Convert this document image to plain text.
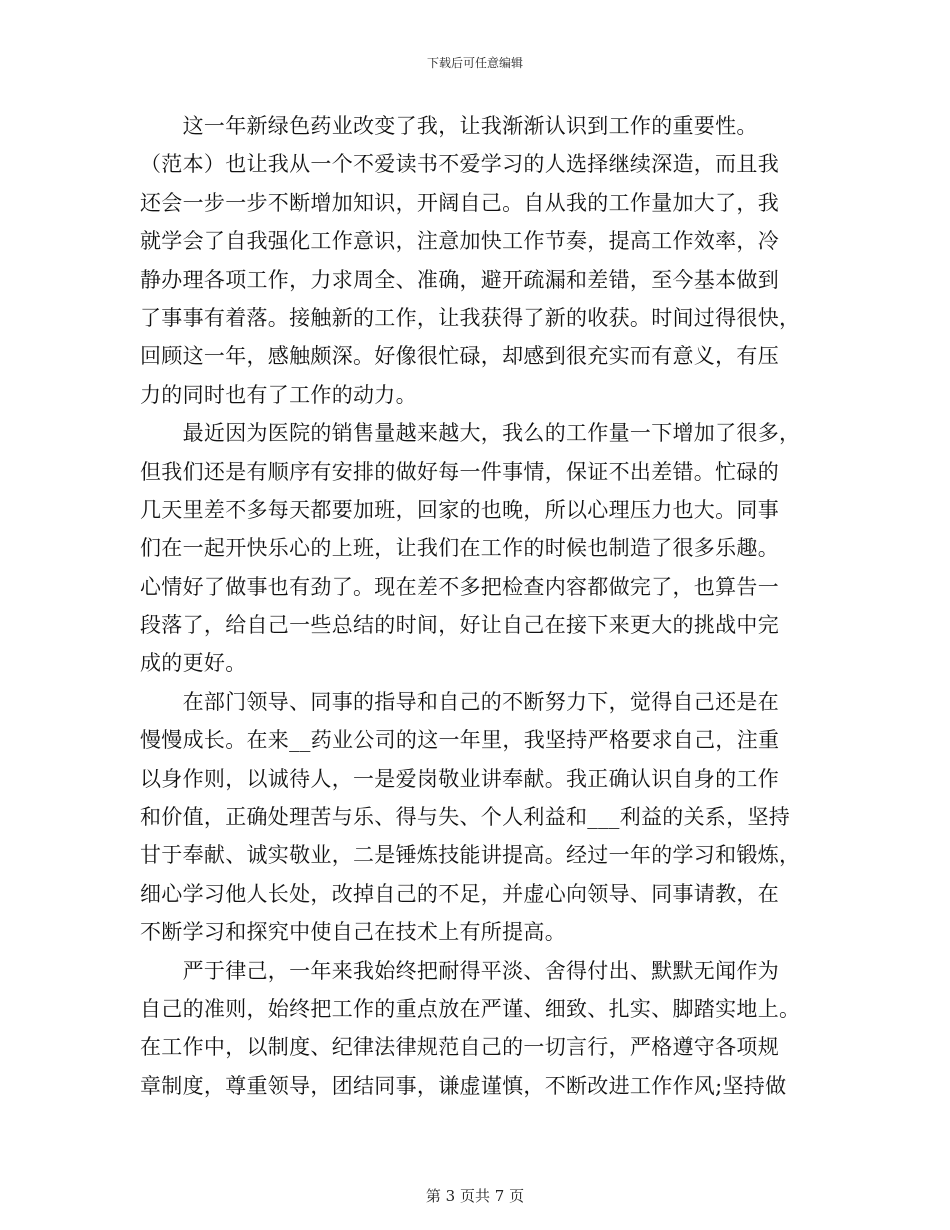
下载后可任意编辑
　　这一年新绿色药业改变了我，让我渐渐认识到工作的重要性。
（范本）也让我从一个不爱读书不爱学习的人选择继续深造，而且我
还会一步一步不断增加知识，开阔自己。自从我的工作量加大了，我
就学会了自我强化工作意识，注意加快工作节奏，提高工作效率，冷
静办理各项工作，力求周全、准确，避开疏漏和差错，至今基本做到
了事事有着落。接触新的工作，让我获得了新的收获。时间过得很快，
回顾这一年，感触颇深。好像很忙碌，却感到很充实而有意义，有压
力的同时也有了工作的动力。
　　最近因为医院的销售量越来越大，我么的工作量一下增加了很多，
但我们还是有顺序有安排的做好每一件事情，保证不出差错。忙碌的
几天里差不多每天都要加班，回家的也晚，所以心理压力也大。同事
们在一起开快乐心的上班，让我们在工作的时候也制造了很多乐趣。
心情好了做事也有劲了。现在差不多把检查内容都做完了，也算告一
段落了，给自己一些总结的时间，好让自己在接下来更大的挑战中完
成的更好。
　　在部门领导、同事的指导和自己的不断努力下，觉得自己还是在
慢慢成长。在来__药业公司的这一年里，我坚持严格要求自己，注重
以身作则，以诚待人，一是爱岗敬业讲奉献。我正确认识自身的工作
和价值，正确处理苦与乐、得与失、个人利益和___利益的关系，坚持
甘于奉献、诚实敬业，二是锤炼技能讲提高。经过一年的学习和锻炼，
细心学习他人长处，改掉自己的不足，并虚心向领导、同事请教，在
不断学习和探究中使自己在技术上有所提高。
　　严于律己，一年来我始终把耐得平淡、舍得付出、默默无闻作为
自己的准则，始终把工作的重点放在严谨、细致、扎实、脚踏实地上。
在工作中，以制度、纪律法律规范自己的一切言行，严格遵守各项规
章制度，尊重领导，团结同事，谦虚谨慎，不断改进工作作风;坚持做
第 3 页共 7 页
